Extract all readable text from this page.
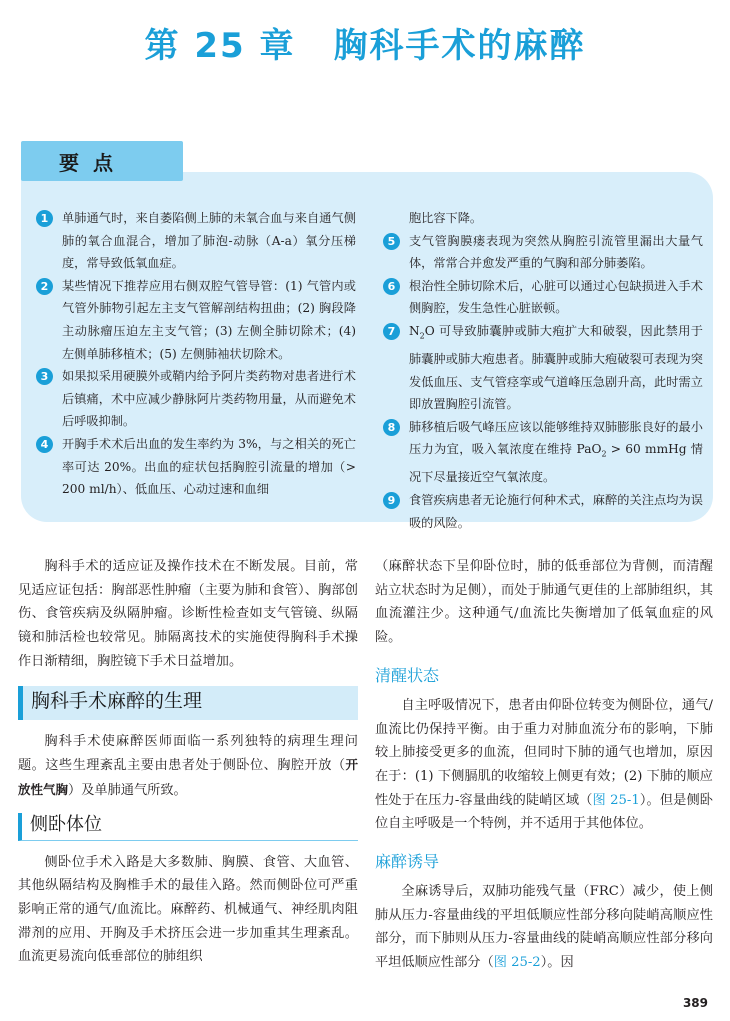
第 25 章 胸科手术的麻醉
要点
1	单肺通气时，来自萎陷侧上肺的未氧合血与来自通气侧肺的氧合血混合，增加了肺泡-动脉（A-a）氧分压梯度，常导致低氧血症。
2	某些情况下推荐应用右侧双腔气管导管：(1) 气管内或气管外肺物引起左主支气管解剖结构扭曲；(2) 胸段降主动脉瘤压迫左主支气管；(3) 左侧全肺切除术；(4) 左侧单肺移植术；(5) 左侧肺袖状切除术。
3	如果拟采用硬膜外或鞘内给予阿片类药物对患者进行术后镇痛，术中应减少静脉阿片类药物用量，从而避免术后呼吸抑制。
4	开胸手术术后出血的发生率约为 3%，与之相关的死亡率可达 20%。出血的症状包括胸腔引流量的增加（> 200 ml/h）、低血压、心动过速和血细
胞比容下降。
5	支气管胸膜瘘表现为突然从胸腔引流管里漏出大量气体，常常合并愈发严重的气胸和部分肺萎陷。
6	根治性全肺切除术后，心脏可以通过心包缺损进入手术侧胸腔，发生急性心脏嵌顿。
7	$N_2O$ 可导致肺囊肿或肺大疱扩大和破裂，因此禁用于肺囊肿或肺大疱患者。肺囊肿或肺大疱破裂可表现为突发低血压、支气管痉挛或气道峰压急剧升高，此时需立即放置胸腔引流管。
8	肺移植后吸气峰压应该以能够维持双肺膨胀良好的最小压力为宜，吸入氧浓度在维持 PaO$_2$ > 60 mmHg 情况下尽量接近空气氧浓度。
9	食管疾病患者无论施行何种术式，麻醉的关注点均为误吸的风险。

胸科手术的适应证及操作技术在不断发展。目前，常见适应证包括：胸部恶性肿瘤（主要为肺和食管）、胸部创伤、食管疾病及纵隔肿瘤。诊断性检查如支气管镜、纵隔镜和肺活检也较常见。肺隔离技术的实施使得胸科手术操作日渐精细，胸腔镜下手术日益增加。

胸科手术麻醉的生理

胸科手术使麻醉医师面临一系列独特的病理生理问题。这些生理紊乱主要由患者处于侧卧位、胸腔开放（开放性气胸）及单肺通气所致。

侧卧体位

侧卧位手术入路是大多数肺、胸膜、食管、大血管、其他纵隔结构及胸椎手术的最佳入路。然而侧卧位可严重影响正常的通气/血流比。麻醉药、机械通气、神经肌肉阻滞剂的应用、开胸及手术挤压会进一步加重其生理紊乱。血流更易流向低垂部位的肺组织

（麻醉状态下呈仰卧位时，肺的低垂部位为背侧，而清醒站立状态时为足侧），而处于肺通气更佳的上部肺组织，其血流灌注少。这种通气/血流比失衡增加了低氧血症的风险。

清醒状态

自主呼吸情况下，患者由仰卧位转变为侧卧位，通气/血流比仍保持平衡。由于重力对肺血流分布的影响，下肺较上肺接受更多的血流，但同时下肺的通气也增加，原因在于：(1) 下侧膈肌的收缩较上侧更有效；(2) 下肺的顺应性处于在压力-容量曲线的陡峭区域（图 25-1）。但是侧卧位自主呼吸是一个特例，并不适用于其他体位。

麻醉诱导

全麻诱导后，双肺功能残气量（FRC）减少，使上侧肺从压力-容量曲线的平坦低顺应性部分移向陡峭高顺应性部分，而下肺则从压力-容量曲线的陡峭高顺应性部分移向平坦低顺应性部分（图 25-2）。因

389
